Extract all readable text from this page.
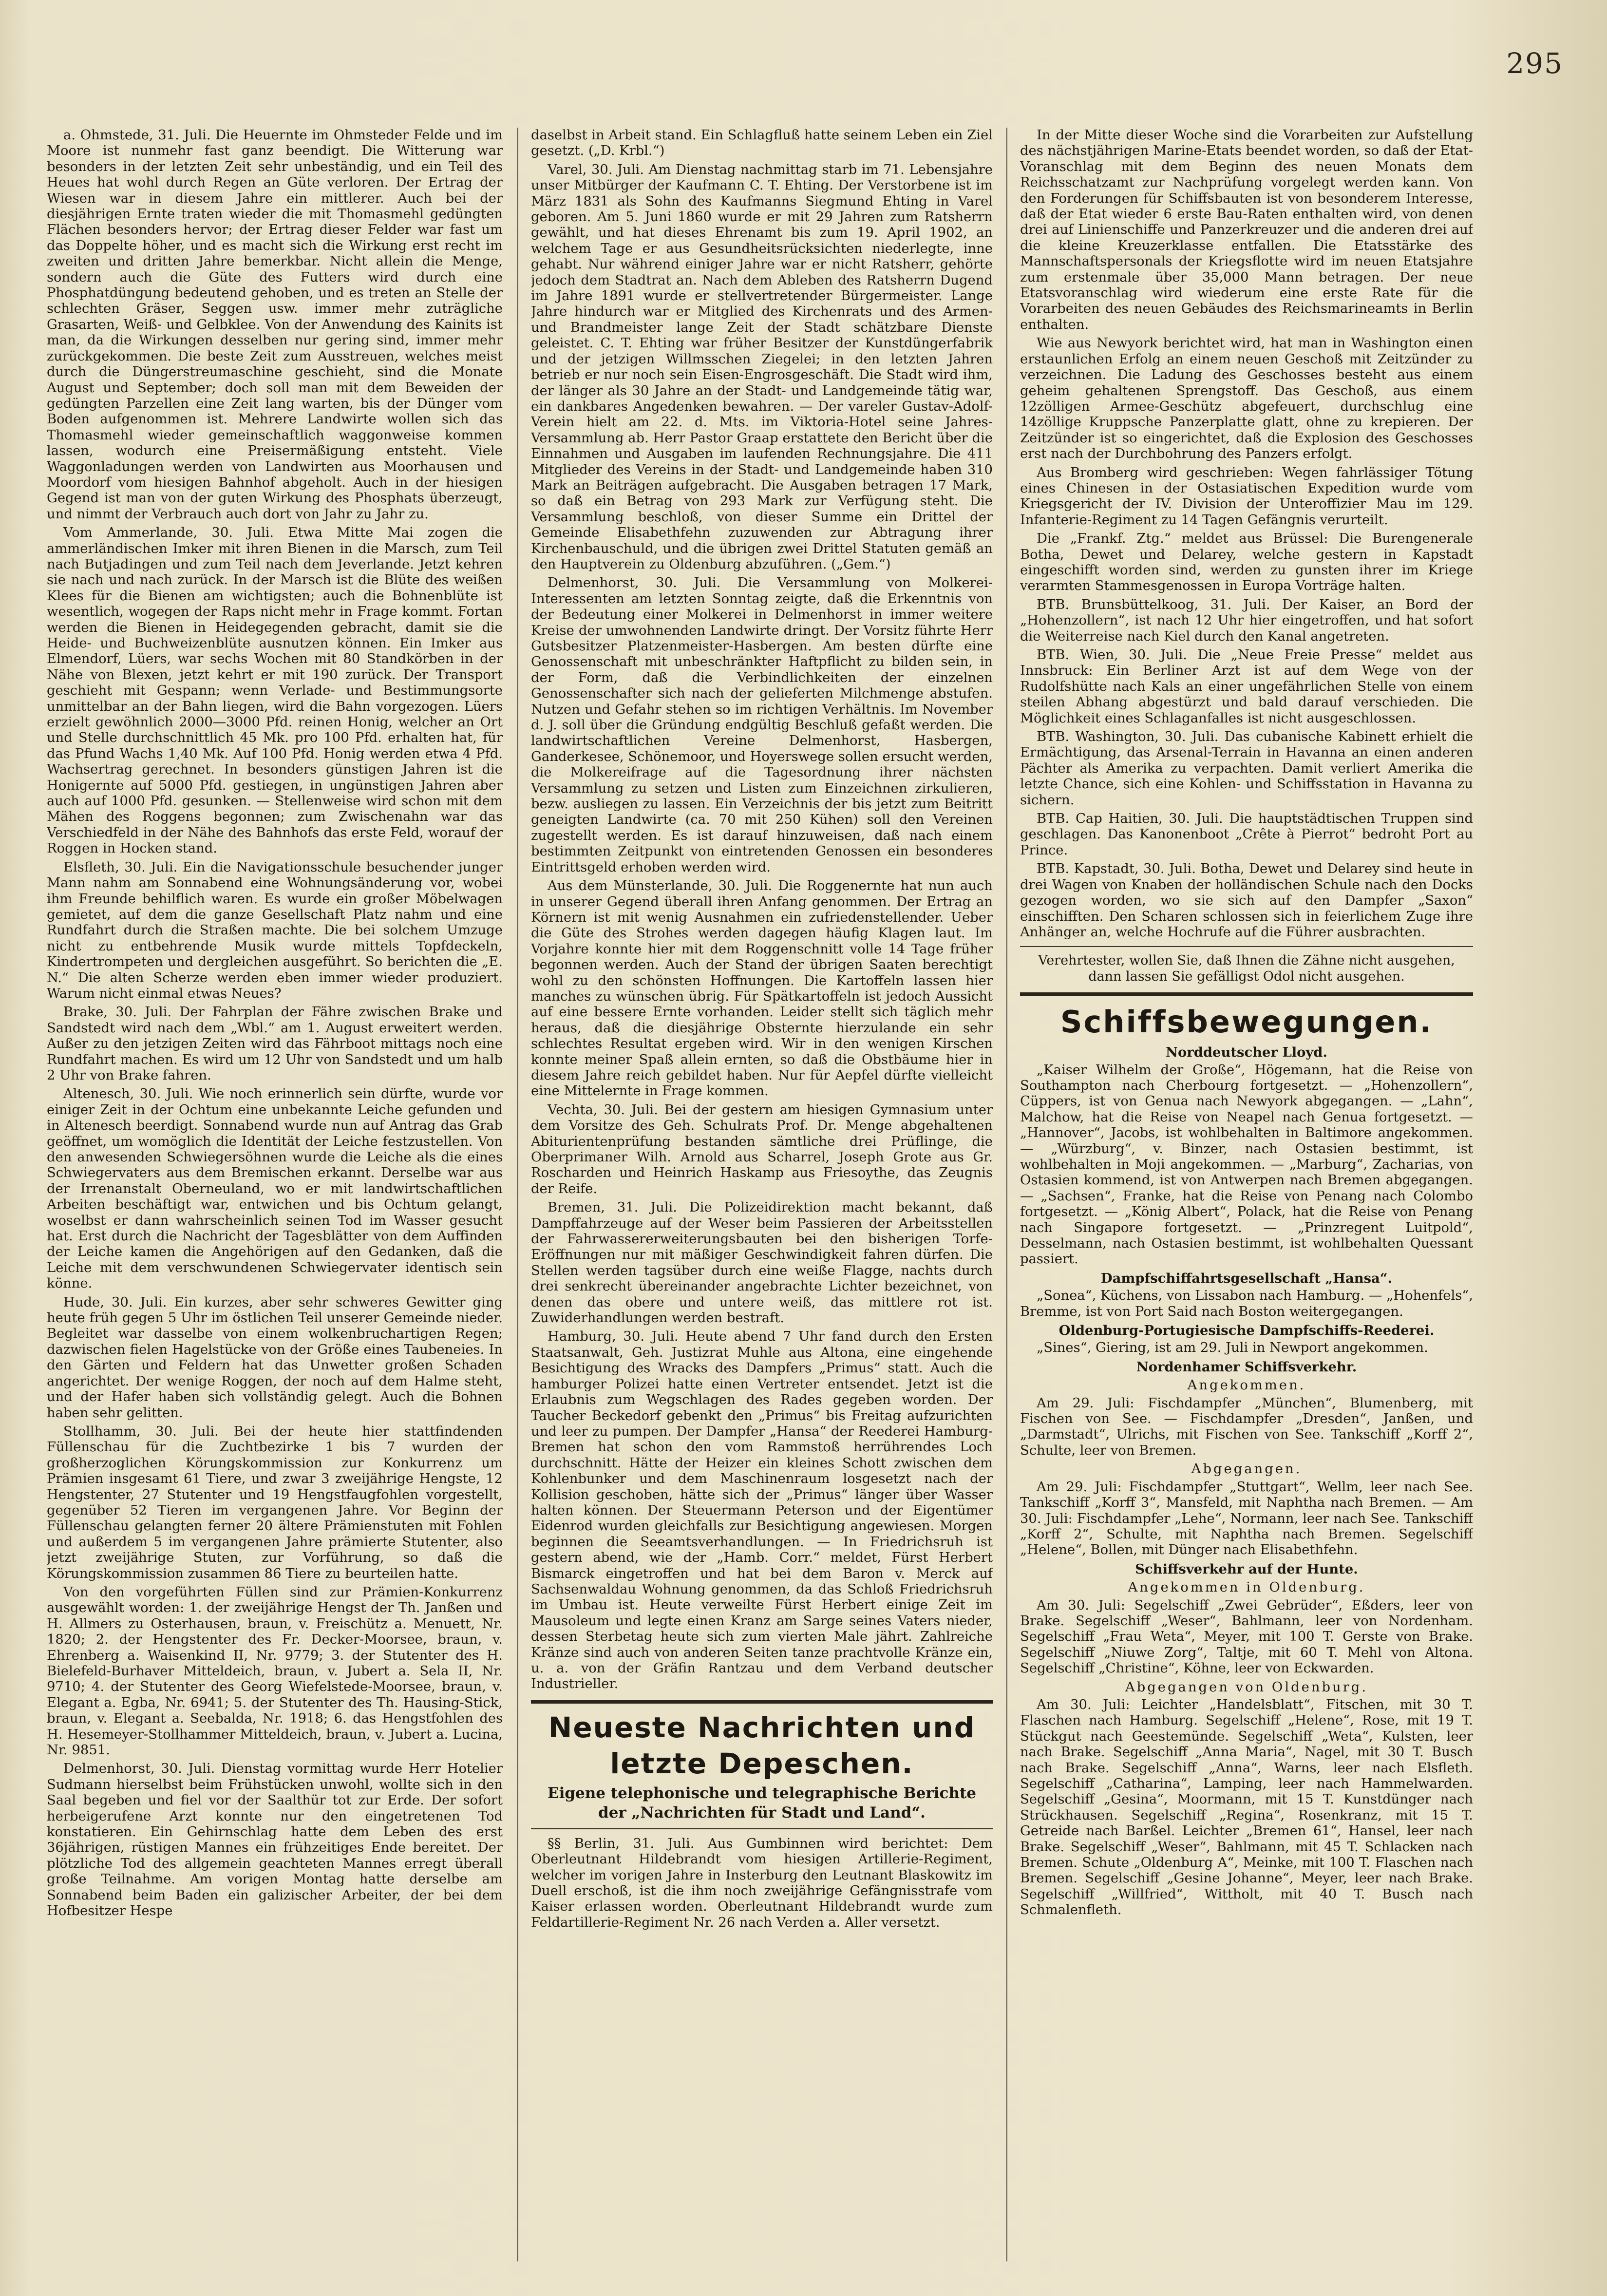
295

a. Ohmstede, 31. Juli. Die Heuernte im Ohmsteder Felde und im Moore ist nunmehr fast ganz beendigt. Die Witterung war besonders in der letzten Zeit sehr unbeständig, und ein Teil des Heues hat wohl durch Regen an Güte verloren. Der Ertrag der Wiesen war in diesem Jahre ein mittlerer. Auch bei der diesjährigen Ernte traten wieder die mit Thomasmehl gedüngten Flächen besonders hervor; der Ertrag dieser Felder war fast um das Doppelte höher, und es macht sich die Wirkung erst recht im zweiten und dritten Jahre bemerkbar. Nicht allein die Menge, sondern auch die Güte des Futters wird durch eine Phosphatdüngung bedeutend gehoben, und es treten an Stelle der schlechten Gräser, Seggen usw. immer mehr zuträgliche Grasarten, Weiß- und Gelbklee. Von der Anwendung des Kainits ist man, da die Wirkungen desselben nur gering sind, immer mehr zurückgekommen. Die beste Zeit zum Ausstreuen, welches meist durch die Düngerstreumaschine geschieht, sind die Monate August und September; doch soll man mit dem Beweiden der gedüngten Parzellen eine Zeit lang warten, bis der Dünger vom Boden aufgenommen ist. Mehrere Landwirte wollen sich das Thomasmehl wieder gemeinschaftlich waggonweise kommen lassen, wodurch eine Preisermäßigung entsteht. Viele Waggonladungen werden von Landwirten aus Moorhausen und Moordorf vom hiesigen Bahnhof abgeholt. Auch in der hiesigen Gegend ist man von der guten Wirkung des Phosphats überzeugt, und nimmt der Verbrauch auch dort von Jahr zu Jahr zu.

Vom Ammerlande, 30. Juli. Etwa Mitte Mai zogen die ammerländischen Imker mit ihren Bienen in die Marsch, zum Teil nach Butjadingen und zum Teil nach dem Jeverlande. Jetzt kehren sie nach und nach zurück. In der Marsch ist die Blüte des weißen Klees für die Bienen am wichtigsten; auch die Bohnenblüte ist wesentlich, wogegen der Raps nicht mehr in Frage kommt. Fortan werden die Bienen in Heidegegenden gebracht, damit sie die Heide- und Buchweizenblüte ausnutzen können. Ein Imker aus Elmendorf, Lüers, war sechs Wochen mit 80 Standkörben in der Nähe von Blexen, jetzt kehrt er mit 190 zurück. Der Transport geschieht mit Gespann; wenn Verlade- und Bestimmungsorte unmittelbar an der Bahn liegen, wird die Bahn vorgezogen. Lüers erzielt gewöhnlich 2000—3000 Pfd. reinen Honig, welcher an Ort und Stelle durchschnittlich 45 Mk. pro 100 Pfd. erhalten hat, für das Pfund Wachs 1,40 Mk. Auf 100 Pfd. Honig werden etwa 4 Pfd. Wachsertrag gerechnet. In besonders günstigen Jahren ist die Honigernte auf 5000 Pfd. gestiegen, in ungünstigen Jahren aber auch auf 1000 Pfd. gesunken. — Stellenweise wird schon mit dem Mähen des Roggens begonnen; zum Zwischenahn war das Verschiedfeld in der Nähe des Bahnhofs das erste Feld, worauf der Roggen in Hocken stand.

Elsfleth, 30. Juli. Ein die Navigationsschule besuchender junger Mann nahm am Sonnabend eine Wohnungsänderung vor, wobei ihm Freunde behilflich waren. Es wurde ein großer Möbelwagen gemietet, auf dem die ganze Gesellschaft Platz nahm und eine Rundfahrt durch die Straßen machte. Die bei solchem Umzuge nicht zu entbehrende Musik wurde mittels Topfdeckeln, Kindertrompeten und dergleichen ausgeführt. So berichten die „E. N.“ Die alten Scherze werden eben immer wieder produziert. Warum nicht einmal etwas Neues?

Brake, 30. Juli. Der Fahrplan der Fähre zwischen Brake und Sandstedt wird nach dem „Wbl.“ am 1. August erweitert werden. Außer zu den jetzigen Zeiten wird das Fährboot mittags noch eine Rundfahrt machen. Es wird um 12 Uhr von Sandstedt und um halb 2 Uhr von Brake fahren.

Altenesch, 30. Juli. Wie noch erinnerlich sein dürfte, wurde vor einiger Zeit in der Ochtum eine unbekannte Leiche gefunden und in Altenesch beerdigt. Sonnabend wurde nun auf Antrag das Grab geöffnet, um womöglich die Identität der Leiche festzustellen. Von den anwesenden Schwiegersöhnen wurde die Leiche als die eines Schwiegervaters aus dem Bremischen erkannt. Derselbe war aus der Irrenanstalt Oberneuland, wo er mit landwirtschaftlichen Arbeiten beschäftigt war, entwichen und bis Ochtum gelangt, woselbst er dann wahrscheinlich seinen Tod im Wasser gesucht hat. Erst durch die Nachricht der Tagesblätter von dem Auffinden der Leiche kamen die Angehörigen auf den Gedanken, daß die Leiche mit dem verschwundenen Schwiegervater identisch sein könne.

Hude, 30. Juli. Ein kurzes, aber sehr schweres Gewitter ging heute früh gegen 5 Uhr im östlichen Teil unserer Gemeinde nieder. Begleitet war dasselbe von einem wolkenbruchartigen Regen; dazwischen fielen Hagelstücke von der Größe eines Taubeneies. In den Gärten und Feldern hat das Unwetter großen Schaden angerichtet. Der wenige Roggen, der noch auf dem Halme steht, und der Hafer haben sich vollständig gelegt. Auch die Bohnen haben sehr gelitten.

Stollhamm, 30. Juli. Bei der heute hier stattfindenden Füllenschau für die Zuchtbezirke 1 bis 7 wurden der großherzoglichen Körungskommission zur Konkurrenz um Prämien insgesamt 61 Tiere, und zwar 3 zweijährige Hengste, 12 Hengstenter, 27 Stutenter und 19 Hengstfaugfohlen vorgestellt, gegenüber 52 Tieren im vergangenen Jahre. Vor Beginn der Füllenschau gelangten ferner 20 ältere Prämienstuten mit Fohlen und außerdem 5 im vergangenen Jahre prämierte Stutenter, also jetzt zweijährige Stuten, zur Vorführung, so daß die Körungskommission zusammen 86 Tiere zu beurteilen hatte.

Von den vorgeführten Füllen sind zur Prämien-Konkurrenz ausgewählt worden: 1. der zweijährige Hengst der Th. Janßen und H. Allmers zu Osterhausen, braun, v. Freischütz a. Menuett, Nr. 1820; 2. der Hengstenter des Fr. Decker-Moorsee, braun, v. Ehrenberg a. Waisenkind II, Nr. 9779; 3. der Stutenter des H. Bielefeld-Burhaver Mitteldeich, braun, v. Jubert a. Sela II, Nr. 9710; 4. der Stutenter des Georg Wiefelstede-Moorsee, braun, v. Elegant a. Egba, Nr. 6941; 5. der Stutenter des Th. Hausing-Stick, braun, v. Elegant a. Seebalda, Nr. 1918; 6. das Hengstfohlen des H. Hesemeyer-Stollhammer Mitteldeich, braun, v. Jubert a. Lucina, Nr. 9851.

Delmenhorst, 30. Juli. Dienstag vormittag wurde Herr Hotelier Sudmann hierselbst beim Frühstücken unwohl, wollte sich in den Saal begeben und fiel vor der Saalthür tot zur Erde. Der sofort herbeigerufene Arzt konnte nur den eingetretenen Tod konstatieren. Ein Gehirnschlag hatte dem Leben des erst 36jährigen, rüstigen Mannes ein frühzeitiges Ende bereitet. Der plötzliche Tod des allgemein geachteten Mannes erregt überall große Teilnahme. Am vorigen Montag hatte derselbe am Sonnabend beim Baden ein galizischer Arbeiter, der bei dem Hofbesitzer Hespe

daselbst in Arbeit stand. Ein Schlagfluß hatte seinem Leben ein Ziel gesetzt. („D. Krbl.“)

Varel, 30. Juli. Am Dienstag nachmittag starb im 71. Lebensjahre unser Mitbürger der Kaufmann C. T. Ehting. Der Verstorbene ist im März 1831 als Sohn des Kaufmanns Siegmund Ehting in Varel geboren. Am 5. Juni 1860 wurde er mit 29 Jahren zum Ratsherrn gewählt, und hat dieses Ehrenamt bis zum 19. April 1902, an welchem Tage er aus Gesundheitsrücksichten niederlegte, inne gehabt. Nur während einiger Jahre war er nicht Ratsherr, gehörte jedoch dem Stadtrat an. Nach dem Ableben des Ratsherrn Dugend im Jahre 1891 wurde er stellvertretender Bürgermeister. Lange Jahre hindurch war er Mitglied des Kirchenrats und des Armen- und Brandmeister lange Zeit der Stadt schätzbare Dienste geleistet. C. T. Ehting war früher Besitzer der Kunstdüngerfabrik und der jetzigen Willmsschen Ziegelei; in den letzten Jahren betrieb er nur noch sein Eisen-Engrosgeschäft. Die Stadt wird ihm, der länger als 30 Jahre an der Stadt- und Landgemeinde tätig war, ein dankbares Angedenken bewahren. — Der vareler Gustav-Adolf-Verein hielt am 22. d. Mts. im Viktoria-Hotel seine Jahres-Versammlung ab. Herr Pastor Graap erstattete den Bericht über die Einnahmen und Ausgaben im laufenden Rechnungsjahre. Die 411 Mitglieder des Vereins in der Stadt- und Landgemeinde haben 310 Mark an Beiträgen aufgebracht. Die Ausgaben betragen 17 Mark, so daß ein Betrag von 293 Mark zur Verfügung steht. Die Versammlung beschloß, von dieser Summe ein Drittel der Gemeinde Elisabethfehn zuzuwenden zur Abtragung ihrer Kirchenbauschuld, und die übrigen zwei Drittel Statuten gemäß an den Hauptverein zu Oldenburg abzuführen. („Gem.“)

Delmenhorst, 30. Juli. Die Versammlung von Molkerei-Interessenten am letzten Sonntag zeigte, daß die Erkenntnis von der Bedeutung einer Molkerei in Delmenhorst in immer weitere Kreise der umwohnenden Landwirte dringt. Der Vorsitz führte Herr Gutsbesitzer Platzenmeister-Hasbergen. Am besten dürfte eine Genossenschaft mit unbeschränkter Haftpflicht zu bilden sein, in der Form, daß die Verbindlichkeiten der einzelnen Genossenschafter sich nach der gelieferten Milchmenge abstufen. Nutzen und Gefahr stehen so im richtigen Verhältnis. Im November d. J. soll über die Gründung endgültig Beschluß gefaßt werden. Die landwirtschaftlichen Vereine Delmenhorst, Hasbergen, Ganderkesee, Schönemoor, und Hoyerswege sollen ersucht werden, die Molkereifrage auf die Tagesordnung ihrer nächsten Versammlung zu setzen und Listen zum Einzeichnen zirkulieren, bezw. ausliegen zu lassen. Ein Verzeichnis der bis jetzt zum Beitritt geneigten Landwirte (ca. 70 mit 250 Kühen) soll den Vereinen zugestellt werden. Es ist darauf hinzuweisen, daß nach einem bestimmten Zeitpunkt von eintretenden Genossen ein besonderes Eintrittsgeld erhoben werden wird.

Aus dem Münsterlande, 30. Juli. Die Roggenernte hat nun auch in unserer Gegend überall ihren Anfang genommen. Der Ertrag an Körnern ist mit wenig Ausnahmen ein zufriedenstellender. Ueber die Güte des Strohes werden dagegen häufig Klagen laut. Im Vorjahre konnte hier mit dem Roggenschnitt volle 14 Tage früher begonnen werden. Auch der Stand der übrigen Saaten berechtigt wohl zu den schönsten Hoffnungen. Die Kartoffeln lassen hier manches zu wünschen übrig. Für Spätkartoffeln ist jedoch Aussicht auf eine bessere Ernte vorhanden. Leider stellt sich täglich mehr heraus, daß die diesjährige Obsternte hierzulande ein sehr schlechtes Resultat ergeben wird. Wir in den wenigen Kirschen konnte meiner Spaß allein ernten, so daß die Obstbäume hier in diesem Jahre reich gebildet haben. Nur für Aepfel dürfte vielleicht eine Mittelernte in Frage kommen.

Vechta, 30. Juli. Bei der gestern am hiesigen Gymnasium unter dem Vorsitze des Geh. Schulrats Prof. Dr. Menge abgehaltenen Abiturientenprüfung bestanden sämtliche drei Prüflinge, die Oberprimaner Wilh. Arnold aus Scharrel, Joseph Grote aus Gr. Roscharden und Heinrich Haskamp aus Friesoythe, das Zeugnis der Reife.

Bremen, 31. Juli. Die Polizeidirektion macht bekannt, daß Dampffahrzeuge auf der Weser beim Passieren der Arbeitsstellen der Fahrwassererweiterungsbauten bei den bisherigen Torfe-Eröffnungen nur mit mäßiger Geschwindigkeit fahren dürfen. Die Stellen werden tagsüber durch eine weiße Flagge, nachts durch drei senkrecht übereinander angebrachte Lichter bezeichnet, von denen das obere und untere weiß, das mittlere rot ist. Zuwiderhandlungen werden bestraft.

Hamburg, 30. Juli. Heute abend 7 Uhr fand durch den Ersten Staatsanwalt, Geh. Justizrat Muhle aus Altona, eine eingehende Besichtigung des Wracks des Dampfers „Primus“ statt. Auch die hamburger Polizei hatte einen Vertreter entsendet. Jetzt ist die Erlaubnis zum Wegschlagen des Rades gegeben worden. Der Taucher Beckedorf gebenkt den „Primus“ bis Freitag aufzurichten und leer zu pumpen. Der Dampfer „Hansa“ der Reederei Hamburg-Bremen hat schon den vom Rammstoß herrührendes Loch durchschnitt. Hätte der Heizer ein kleines Schott zwischen dem Kohlenbunker und dem Maschinenraum losgesetzt nach der Kollision geschoben, hätte sich der „Primus“ länger über Wasser halten können. Der Steuermann Peterson und der Eigentümer Eidenrod wurden gleichfalls zur Besichtigung angewiesen. Morgen beginnen die Seeamtsverhandlungen. — In Friedrichsruh ist gestern abend, wie der „Hamb. Corr.“ meldet, Fürst Herbert Bismarck eingetroffen und hat bei dem Baron v. Merck auf Sachsenwaldau Wohnung genommen, da das Schloß Friedrichsruh im Umbau ist. Heute verweilte Fürst Herbert einige Zeit im Mausoleum und legte einen Kranz am Sarge seines Vaters nieder, dessen Sterbetag heute sich zum vierten Male jährt. Zahlreiche Kränze sind auch von anderen Seiten tanze prachtvolle Kränze ein, u. a. von der Gräfin Rantzau und dem Verband deutscher Industrieller.

Neueste Nachrichten und letzte Depeschen.
Eigene telephonische und telegraphische Berichte der „Nachrichten für Stadt und Land“.

§§ Berlin, 31. Juli. Aus Gumbinnen wird berichtet: Dem Oberleutnant Hildebrandt vom hiesigen Artillerie-Regiment, welcher im vorigen Jahre in Insterburg den Leutnant Blaskowitz im Duell erschoß, ist die ihm noch zweijährige Gefängnisstrafe vom Kaiser erlassen worden. Oberleutnant Hildebrandt wurde zum Feldartillerie-Regiment Nr. 26 nach Verden a. Aller versetzt.

In der Mitte dieser Woche sind die Vorarbeiten zur Aufstellung des nächstjährigen Marine-Etats beendet worden, so daß der Etat-Voranschlag mit dem Beginn des neuen Monats dem Reichsschatzamt zur Nachprüfung vorgelegt werden kann. Von den Forderungen für Schiffsbauten ist von besonderem Interesse, daß der Etat wieder 6 erste Bau-Raten enthalten wird, von denen drei auf Linienschiffe und Panzerkreuzer und die anderen drei auf die kleine Kreuzerklasse entfallen. Die Etatsstärke des Mannschaftspersonals der Kriegsflotte wird im neuen Etatsjahre zum erstenmale über 35,000 Mann betragen. Der neue Etatsvoranschlag wird wiederum eine erste Rate für die Vorarbeiten des neuen Gebäudes des Reichsmarineamts in Berlin enthalten.

Wie aus Newyork berichtet wird, hat man in Washington einen erstaunlichen Erfolg an einem neuen Geschoß mit Zeitzünder zu verzeichnen. Die Ladung des Geschosses besteht aus einem geheim gehaltenen Sprengstoff. Das Geschoß, aus einem 12zölligen Armee-Geschütz abgefeuert, durchschlug eine 14zöllige Kruppsche Panzerplatte glatt, ohne zu krepieren. Der Zeitzünder ist so eingerichtet, daß die Explosion des Geschosses erst nach der Durchbohrung des Panzers erfolgt.

Aus Bromberg wird geschrieben: Wegen fahrlässiger Tötung eines Chinesen in der Ostasiatischen Expedition wurde vom Kriegsgericht der IV. Division der Unteroffizier Mau im 129. Infanterie-Regiment zu 14 Tagen Gefängnis verurteilt.

Die „Frankf. Ztg.“ meldet aus Brüssel: Die Burengenerale Botha, Dewet und Delarey, welche gestern in Kapstadt eingeschifft worden sind, werden zu gunsten ihrer im Kriege verarmten Stammesgenossen in Europa Vorträge halten.

BTB. Brunsbüttelkoog, 31. Juli. Der Kaiser, an Bord der „Hohenzollern“, ist nach 12 Uhr hier eingetroffen, und hat sofort die Weiterreise nach Kiel durch den Kanal angetreten.

BTB. Wien, 30. Juli. Die „Neue Freie Presse“ meldet aus Innsbruck: Ein Berliner Arzt ist auf dem Wege von der Rudolfshütte nach Kals an einer ungefährlichen Stelle von einem steilen Abhang abgestürzt und bald darauf verschieden. Die Möglichkeit eines Schlaganfalles ist nicht ausgeschlossen.

BTB. Washington, 30. Juli. Das cubanische Kabinett erhielt die Ermächtigung, das Arsenal-Terrain in Havanna an einen anderen Pächter als Amerika zu verpachten. Damit verliert Amerika die letzte Chance, sich eine Kohlen- und Schiffsstation in Havanna zu sichern.

BTB. Cap Haitien, 30. Juli. Die hauptstädtischen Truppen sind geschlagen. Das Kanonenboot „Crête à Pierrot“ bedroht Port au Prince.

BTB. Kapstadt, 30. Juli. Botha, Dewet und Delarey sind heute in drei Wagen von Knaben der holländischen Schule nach den Docks gezogen worden, wo sie sich auf den Dampfer „Saxon“ einschifften. Den Scharen schlossen sich in feierlichem Zuge ihre Anhänger an, welche Hochrufe auf die Führer ausbrachten.

Verehrtester, wollen Sie, daß Ihnen die Zähne nicht ausgehen, dann lassen Sie gefälligst Odol nicht ausgehen.

Schiffsbewegungen.

Norddeutscher Lloyd.

„Kaiser Wilhelm der Große“, Högemann, hat die Reise von Southampton nach Cherbourg fortgesetzt. — „Hohenzollern“, Cüppers, ist von Genua nach Newyork abgegangen. — „Lahn“, Malchow, hat die Reise von Neapel nach Genua fortgesetzt. — „Hannover“, Jacobs, ist wohlbehalten in Baltimore angekommen. — „Würzburg“, v. Binzer, nach Ostasien bestimmt, ist wohlbehalten in Moji angekommen. — „Marburg“, Zacharias, von Ostasien kommend, ist von Antwerpen nach Bremen abgegangen. — „Sachsen“, Franke, hat die Reise von Penang nach Colombo fortgesetzt. — „König Albert“, Polack, hat die Reise von Penang nach Singapore fortgesetzt. — „Prinzregent Luitpold“, Desselmann, nach Ostasien bestimmt, ist wohlbehalten Quessant passiert.

Dampfschiffahrtsgesellschaft „Hansa“.

„Sonea“, Küchens, von Lissabon nach Hamburg. — „Hohenfels“, Bremme, ist von Port Said nach Boston weitergegangen.

Oldenburg-Portugiesische Dampfschiffs-Reederei.

„Sines“, Giering, ist am 29. Juli in Newport angekommen.

Nordenhamer Schiffsverkehr.

Angekommen.

Am 29. Juli: Fischdampfer „München“, Blumenberg, mit Fischen von See. — Fischdampfer „Dresden“, Janßen, und „Darmstadt“, Ulrichs, mit Fischen von See. Tankschiff „Korff 2“, Schulte, leer von Bremen.

Abgegangen.

Am 29. Juli: Fischdampfer „Stuttgart“, Wellm, leer nach See. Tankschiff „Korff 3“, Mansfeld, mit Naphtha nach Bremen. — Am 30. Juli: Fischdampfer „Lehe“, Normann, leer nach See. Tankschiff „Korff 2“, Schulte, mit Naphtha nach Bremen. Segelschiff „Helene“, Bollen, mit Dünger nach Elisabethfehn.

Schiffsverkehr auf der Hunte.

Angekommen in Oldenburg.

Am 30. Juli: Segelschiff „Zwei Gebrüder“, Eßders, leer von Brake. Segelschiff „Weser“, Bahlmann, leer von Nordenham. Segelschiff „Frau Weta“, Meyer, mit 100 T. Gerste von Brake. Segelschiff „Niuwe Zorg“, Taltje, mit 60 T. Mehl von Altona. Segelschiff „Christine“, Köhne, leer von Eckwarden.

Abgegangen von Oldenburg.

Am 30. Juli: Leichter „Handelsblatt“, Fitschen, mit 30 T. Flaschen nach Hamburg. Segelschiff „Helene“, Rose, mit 19 T. Stückgut nach Geestemünde. Segelschiff „Weta“, Kulsten, leer nach Brake. Segelschiff „Anna Maria“, Nagel, mit 30 T. Busch nach Brake. Segelschiff „Anna“, Warns, leer nach Elsfleth. Segelschiff „Catharina“, Lamping, leer nach Hammelwarden. Segelschiff „Gesina“, Moormann, mit 15 T. Kunstdünger nach Strückhausen. Segelschiff „Regina“, Rosenkranz, mit 15 T. Getreide nach Barßel. Leichter „Bremen 61“, Hansel, leer nach Brake. Segelschiff „Weser“, Bahlmann, mit 45 T. Schlacken nach Bremen. Schute „Oldenburg A“, Meinke, mit 100 T. Flaschen nach Bremen. Segelschiff „Gesine Johanne“, Meyer, leer nach Brake. Segelschiff „Willfried“, Wittholt, mit 40 T. Busch nach Schmalenfleth.
